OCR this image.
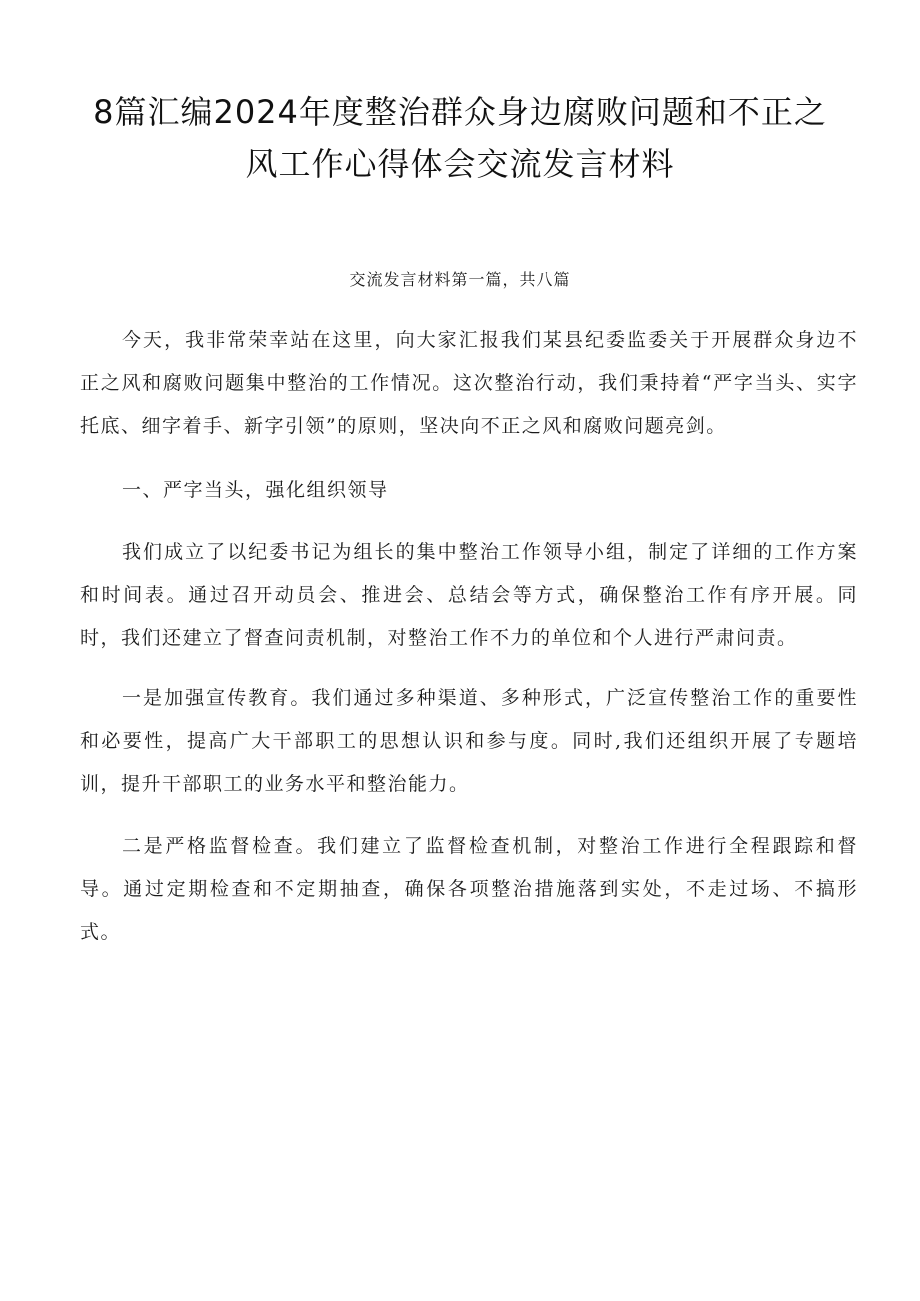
8篇汇编2024年度整治群众身边腐败问题和不正之
风工作心得体会交流发言材料

交流发言材料第一篇，共八篇

今天，我非常荣幸站在这里，向大家汇报我们某县纪委监委关于开展群众身边不正之风和腐败问题集中整治的工作情况。这次整治行动，我们秉持着“严字当头、实字托底、细字着手、新字引领”的原则，坚决向不正之风和腐败问题亮剑。

一、严字当头，强化组织领导

我们成立了以纪委书记为组长的集中整治工作领导小组，制定了详细的工作方案和时间表。通过召开动员会、推进会、总结会等方式，确保整治工作有序开展。同时，我们还建立了督查问责机制，对整治工作不力的单位和个人进行严肃问责。

一是加强宣传教育。我们通过多种渠道、多种形式，广泛宣传整治工作的重要性和必要性，提高广大干部职工的思想认识和参与度。同时,我们还组织开展了专题培训，提升干部职工的业务水平和整治能力。

二是严格监督检查。我们建立了监督检查机制，对整治工作进行全程跟踪和督导。通过定期检查和不定期抽查，确保各项整治措施落到实处，不走过场、不搞形式。
